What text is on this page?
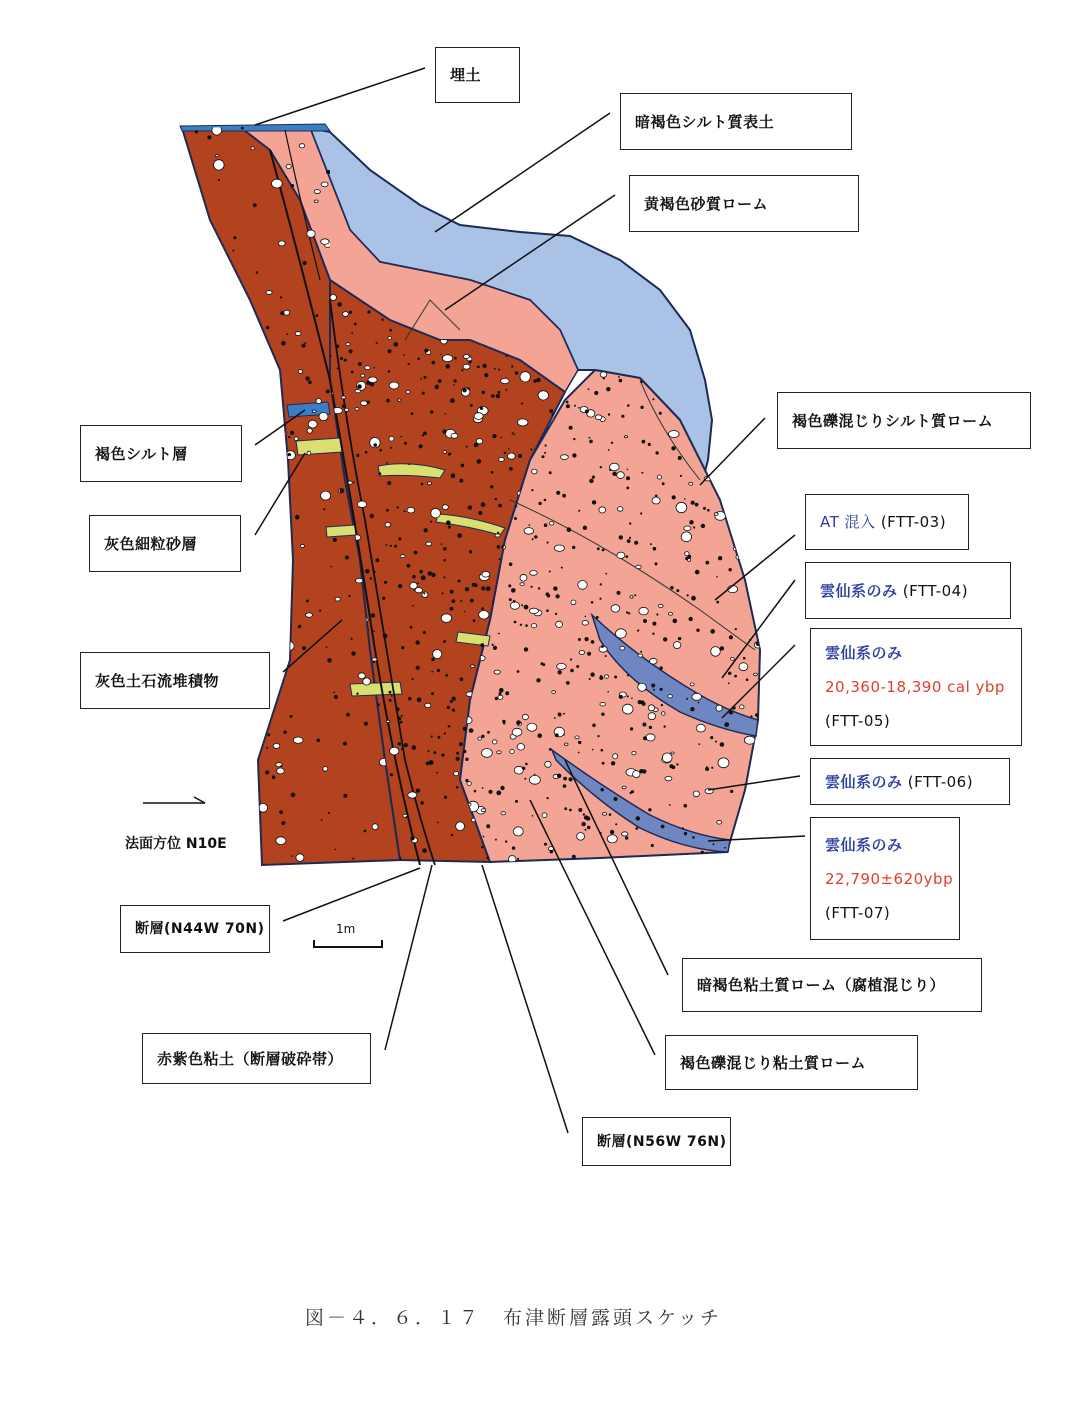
埋土
暗褐色シルト質表土
黄褐色砂質ローム
褐色礫混じりシルト質ローム
褐色シルト層
灰色細粒砂層
灰色土石流堆積物
AT 混入 (FTT-03)
雲仙系のみ (FTT-04)
雲仙系のみ
20,360-18,390 cal ybp
(FTT-05)
雲仙系のみ (FTT-06)
雲仙系のみ
22,790±620ybp
(FTT-07)
断層(N44W 70N)
赤紫色粘土（断層破砕帯）
断層(N56W 76N)
暗褐色粘土質ローム（腐植混じり）
褐色礫混じり粘土質ローム
法面方位 N10E
1m
図－４．６．１７　布津断層露頭スケッチ
